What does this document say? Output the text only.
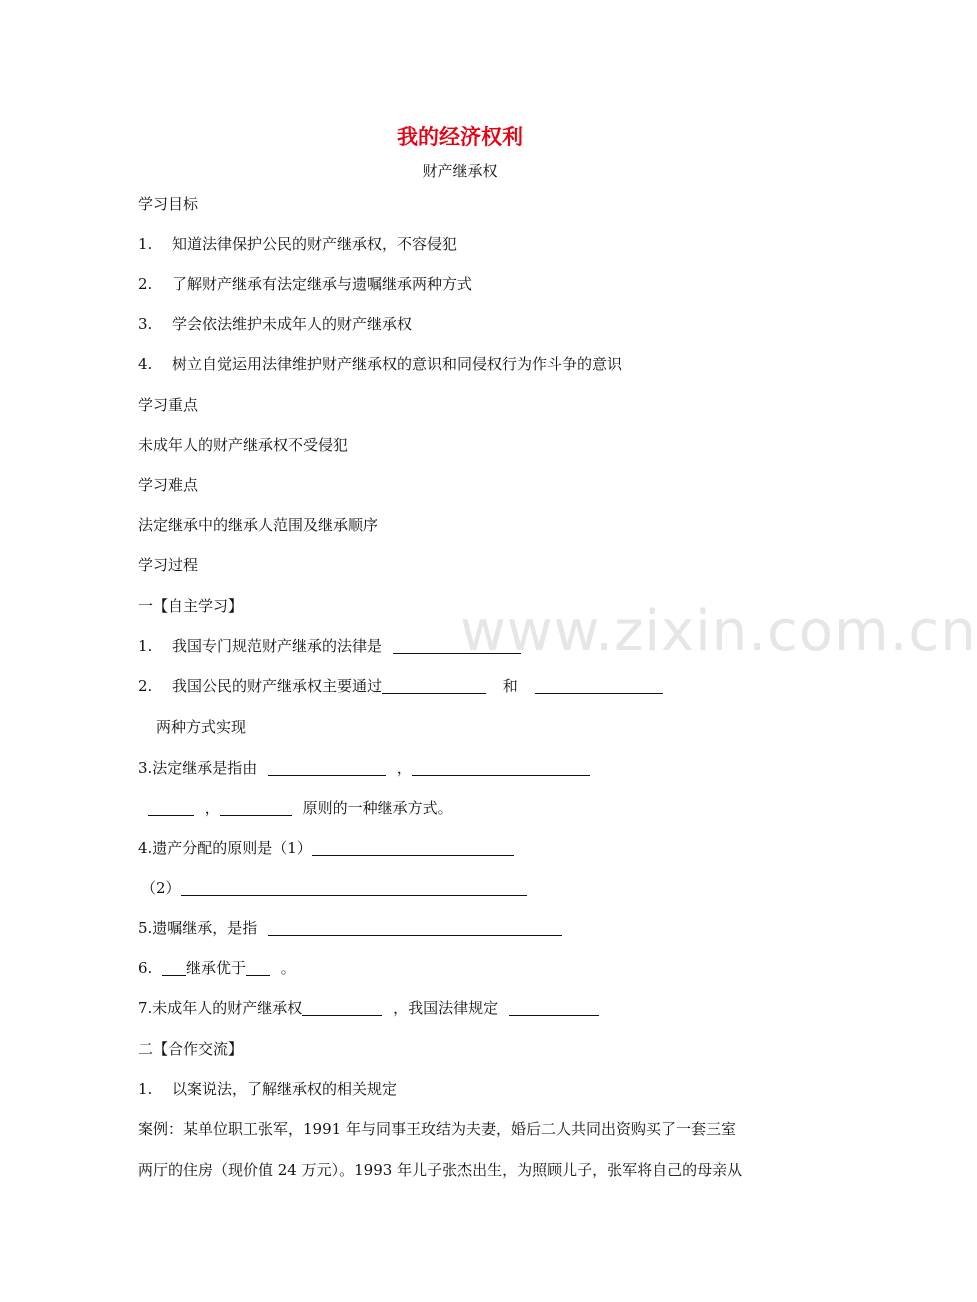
www.zixin.com.cn
我的经济权利
财产继承权
学习目标
1. 知道法律保护公民的财产继承权，不容侵犯
2. 了解财产继承有法定继承与遗嘱继承两种方式
3. 学会依法维护未成年人的财产继承权
4. 树立自觉运用法律维护财产继承权的意识和同侵权行为作斗争的意识
学习重点
未成年人的财产继承权不受侵犯
学习难点
法定继承中的继承人范围及继承顺序
学习过程
一【自主学习】
1. 我国专门规范财产继承的法律是
2. 我国公民的财产继承权主要通过	和
两种方式实现
3.法定继承是指由	，
，	原则的一种继承方式。
4.遗产分配的原则是（1）
（2）
5.遗嘱继承，是指
6. 继承优于 。
7.未成年人的财产继承权	，我国法律规定
二【合作交流】
1. 以案说法，了解继承权的相关规定
案例：某单位职工张军，1991 年与同事王玫结为夫妻，婚后二人共同出资购买了一套三室
两厅的住房（现价值 24 万元）。1993 年儿子张杰出生，为照顾儿子，张军将自己的母亲从
